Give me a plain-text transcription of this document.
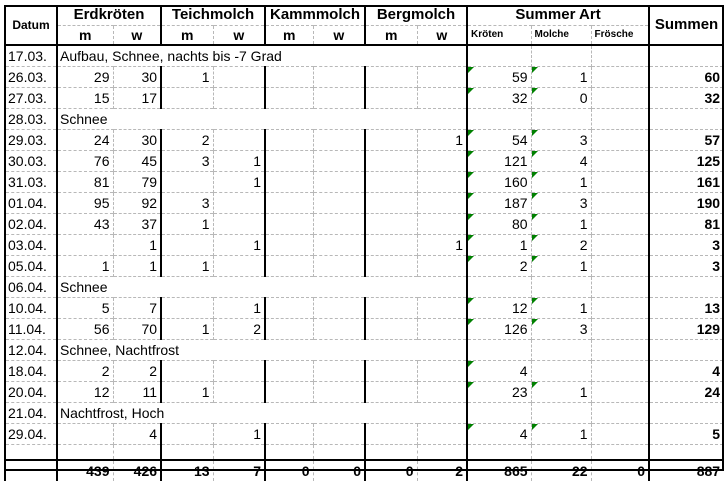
Datum	Erdkröten		Teichmolch		Kammmolch		Bergmolch		Summer Art			Summen
	m	w	m	w	m	w	m	w	Kröten	Molche	Frösche	
17.03.	Aufbau, Schnee, nachts bis -7 Grad											
26.03.	29	30	1						59	1		60
27.03.	15	17							32	0		32
28.03.	Schnee											
29.03.	24	30	2					1	54	3		57
30.03.	76	45	3	1					121	4		125
31.03.	81	79		1					160	1		161
01.04.	95	92	3						187	3		190
02.04.	43	37	1						80	1		81
03.04.		1		1				1	1	2		3
05.04.	1	1	1						2	1		3
06.04.	Schnee											
10.04.	5	7		1					12	1		13
11.04.	56	70	1	2					126	3		129
12.04.	Schnee, Nachtfrost											
18.04.	2	2							4			4
20.04.	12	11	1						23	1		24
21.04.	Nachtfrost, Hoch											
29.04.		4		1					4	1		5

	439	426	13	7	0	0	0	2	865	22	0	887
